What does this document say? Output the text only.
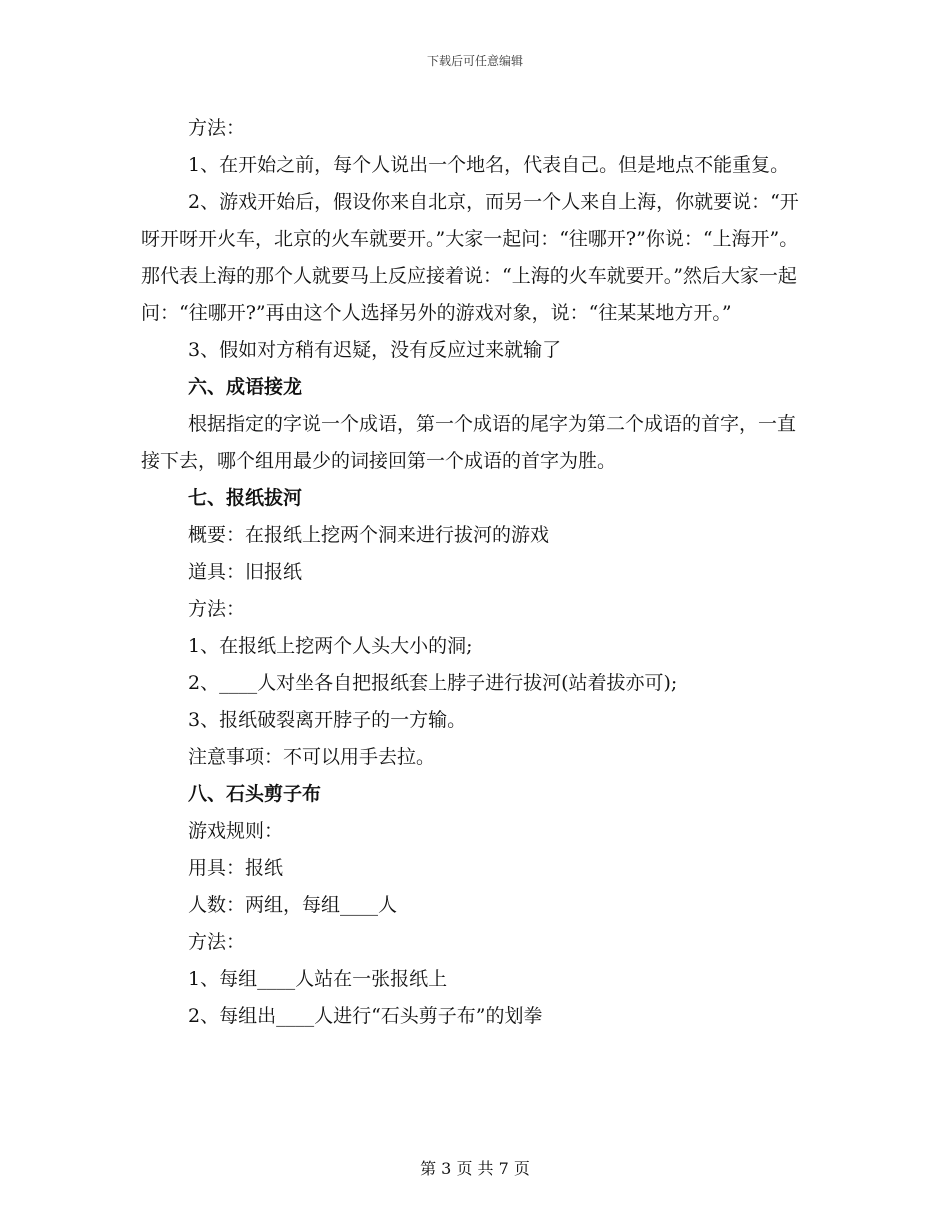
下载后可任意编辑

方法：

1、在开始之前，每个人说出一个地名，代表自己。但是地点不能重复。

2、游戏开始后，假设你来自北京，而另一个人来自上海，你就要说：“开呀开呀开火车，北京的火车就要开。”大家一起问：“往哪开?”你说：“上海开”。那代表上海的那个人就要马上反应接着说：“上海的火车就要开。”然后大家一起问：“往哪开?”再由这个人选择另外的游戏对象，说：“往某某地方开。”

3、假如对方稍有迟疑，没有反应过来就输了

六、成语接龙

根据指定的字说一个成语，第一个成语的尾字为第二个成语的首字，一直接下去，哪个组用最少的词接回第一个成语的首字为胜。

七、报纸拔河

概要：在报纸上挖两个洞来进行拔河的游戏

道具：旧报纸

方法：

1、在报纸上挖两个人头大小的洞;

2、____人对坐各自把报纸套上脖子进行拔河(站着拔亦可);

3、报纸破裂离开脖子的一方输。

注意事项：不可以用手去拉。

八、石头剪子布

游戏规则：

用具：报纸

人数：两组，每组____人

方法：

1、每组____人站在一张报纸上

2、每组出____人进行“石头剪子布”的划拳

第 3 页 共 7 页
